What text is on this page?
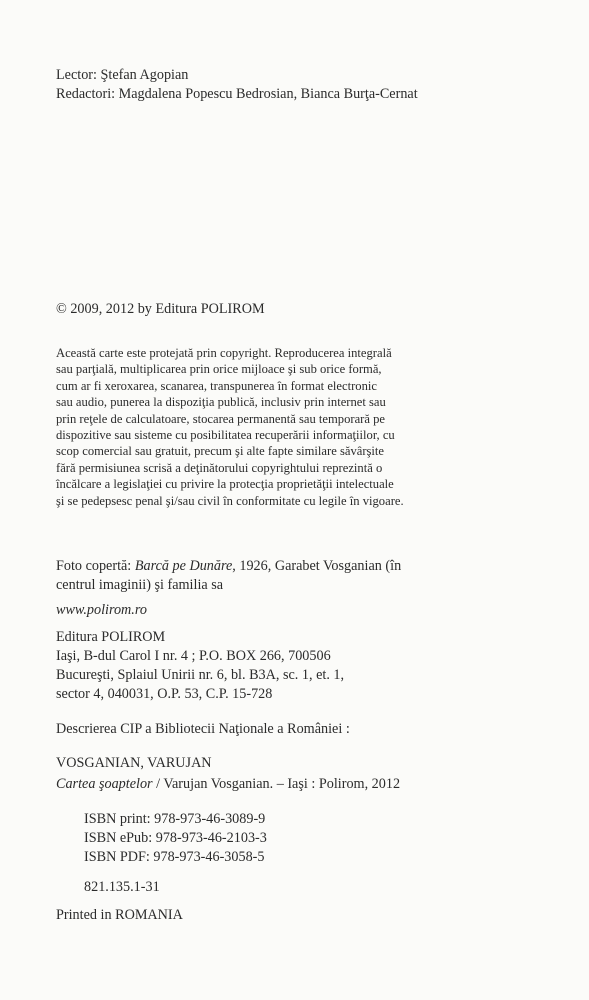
Lector: Ştefan Agopian
Redactori: Magdalena Popescu Bedrosian, Bianca Burţa-Cernat
© 2009, 2012 by Editura POLIROM
Această carte este protejată prin copyright. Reproducerea integrală
sau parţială, multiplicarea prin orice mijloace şi sub orice formă,
cum ar fi xeroxarea, scanarea, transpunerea în format electronic
sau audio, punerea la dispoziţia publică, inclusiv prin internet sau
prin reţele de calculatoare, stocarea permanentă sau temporară pe
dispozitive sau sisteme cu posibilitatea recuperării informaţiilor, cu
scop comercial sau gratuit, precum şi alte fapte similare săvârşite
fără permisiunea scrisă a deţinătorului copyrightului reprezintă o
încălcare a legislaţiei cu privire la protecţia proprietăţii intelectuale
şi se pedepsesc penal şi/sau civil în conformitate cu legile în vigoare.
Foto copertă: Barcă pe Dunăre, 1926, Garabet Vosganian (în
centrul imaginii) şi familia sa
www.polirom.ro
Editura POLIROM
Iaşi, B-dul Carol I nr. 4 ; P.O. BOX 266, 700506
Bucureşti, Splaiul Unirii nr. 6, bl. B3A, sc. 1, et. 1,
sector 4, 040031, O.P. 53, C.P. 15-728
Descrierea CIP a Bibliotecii Naţionale a României :
VOSGANIAN, VARUJAN
Cartea şoaptelor / Varujan Vosganian. – Iaşi : Polirom, 2012
ISBN print: 978-973-46-3089-9
ISBN ePub: 978-973-46-2103-3
ISBN PDF: 978-973-46-3058-5
821.135.1-31
Printed in ROMANIA
